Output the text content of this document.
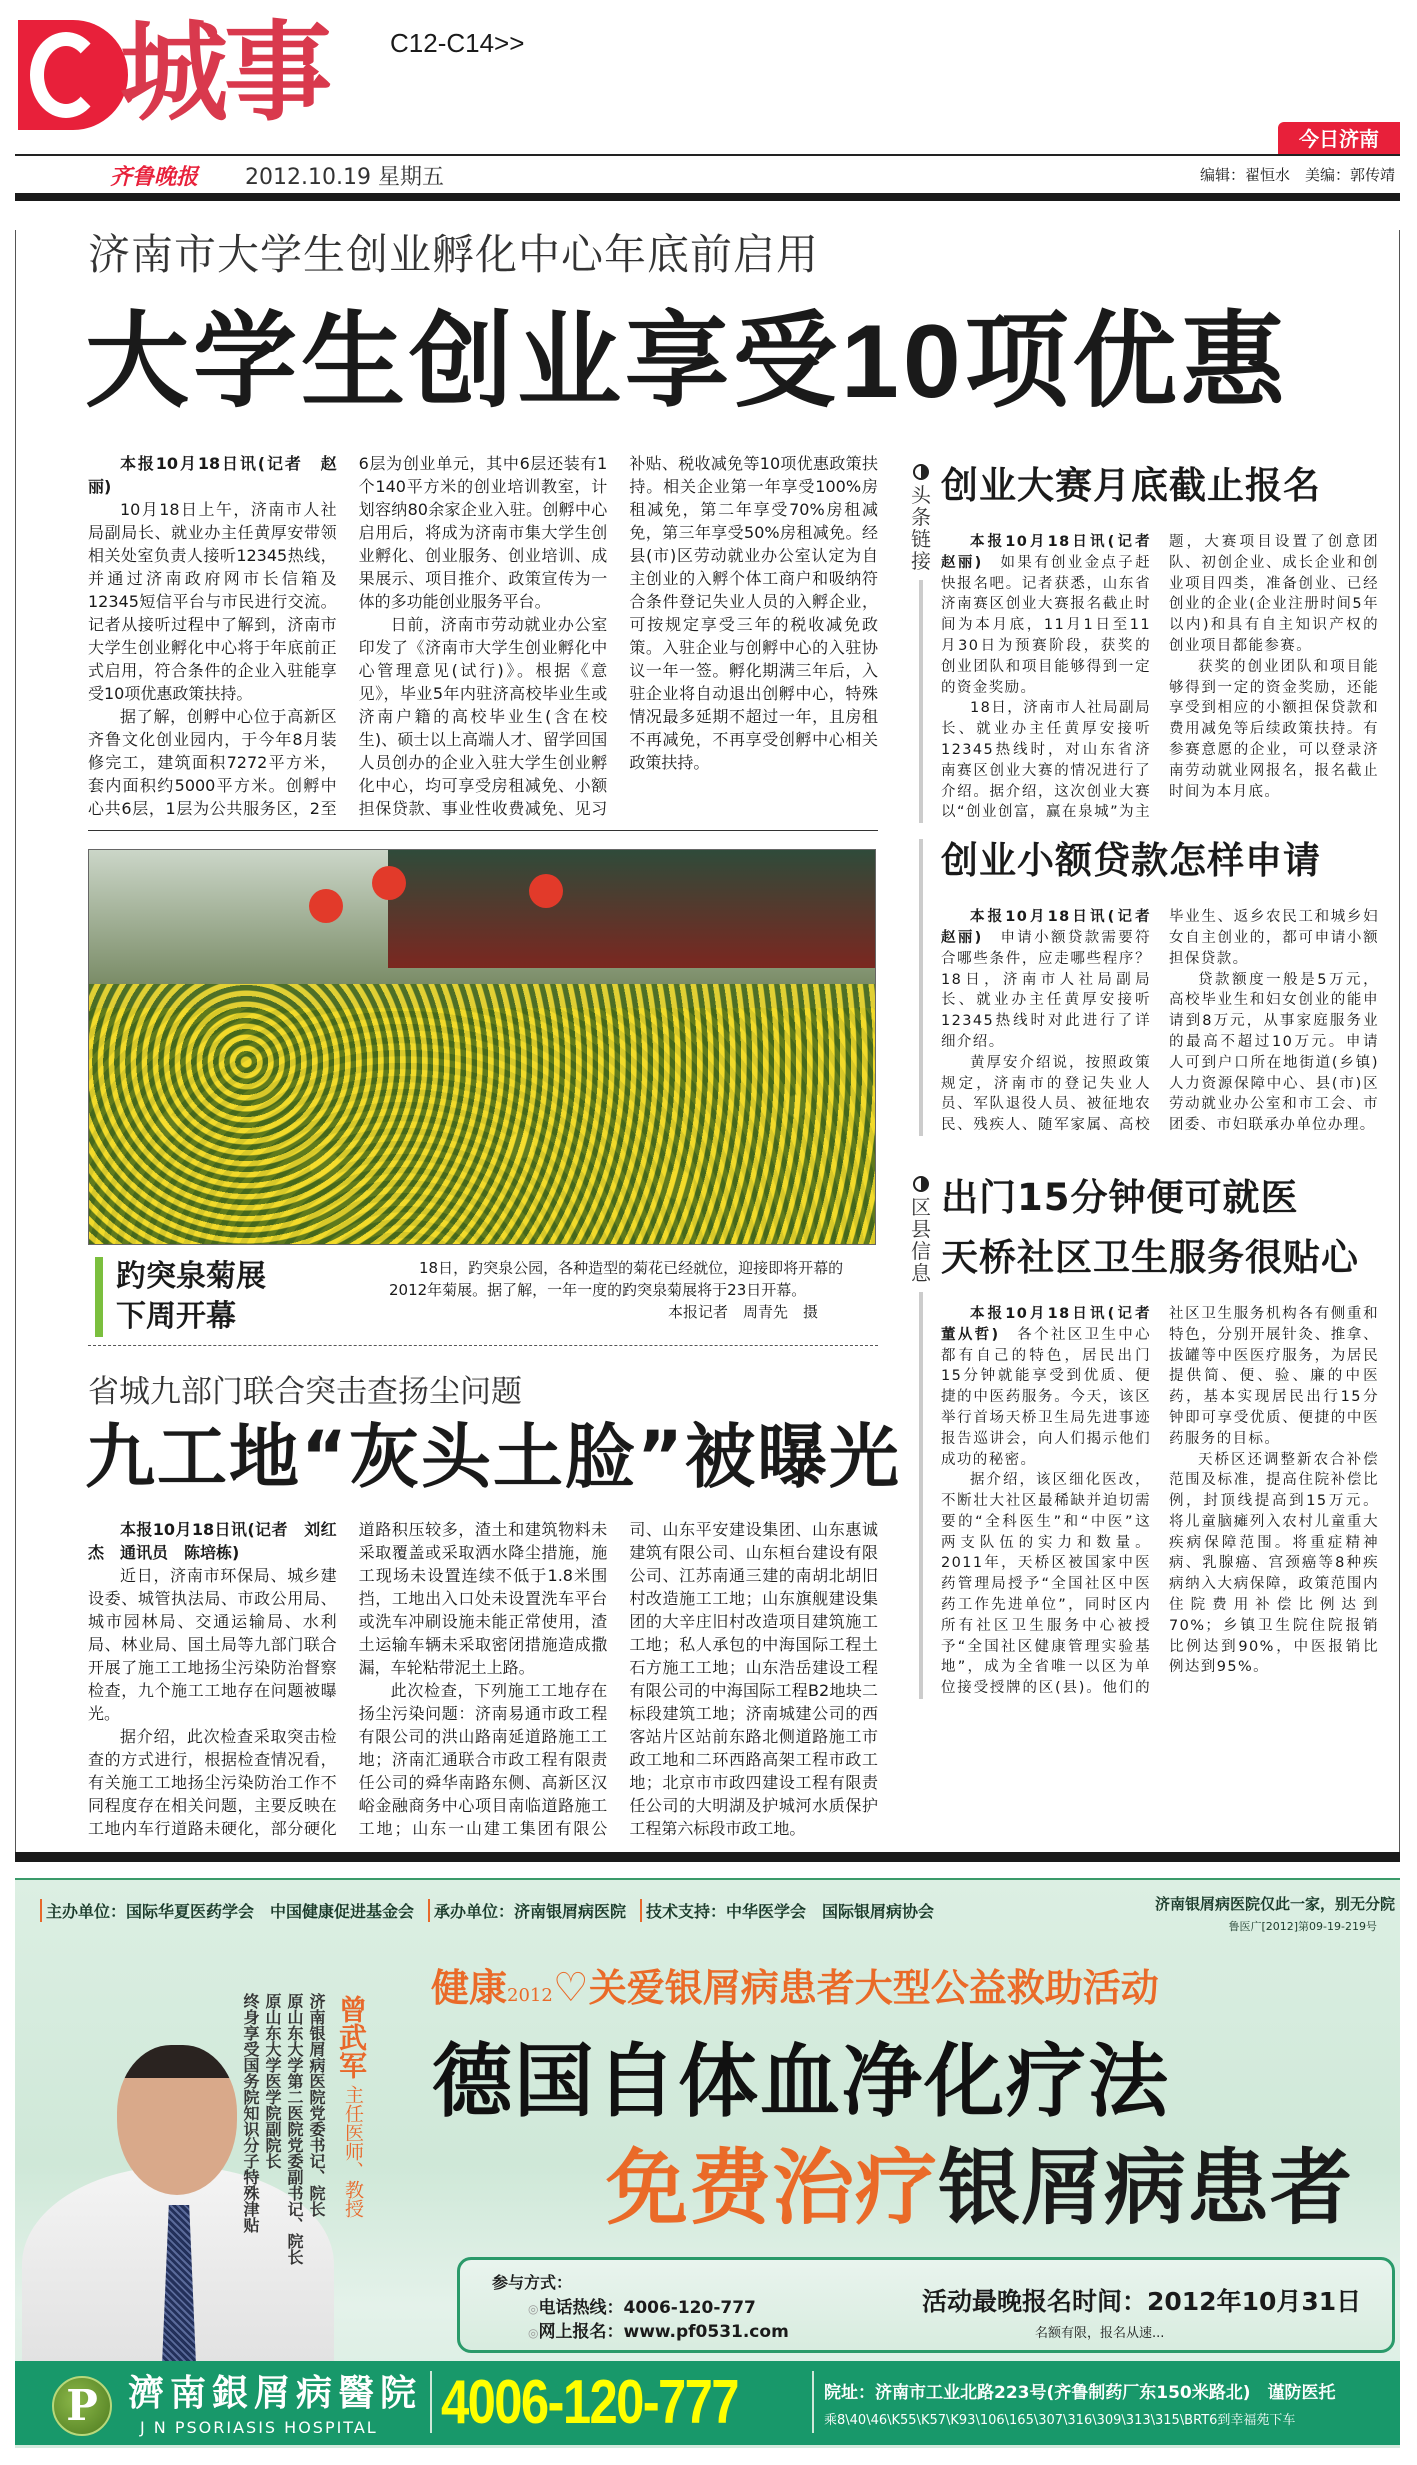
城事 C12-C14>>
今日济南
齐鲁晚报 2012.10.19 星期五	编辑：翟恒水　美编：郭传靖
济南市大学生创业孵化中心年底前启用
大学生创业享受10项优惠

本报10月18日讯(记者　赵丽)

10月18日上午，济南市人社局副局长、就业办主任黄厚安带领相关处室负责人接听12345热线，并通过济南政府网市长信箱及12345短信平台与市民进行交流。记者从接听过程中了解到，济南市大学生创业孵化中心将于年底前正式启用，符合条件的企业入驻能享受10项优惠政策扶持。

据了解，创孵中心位于高新区齐鲁文化创业园内，于今年8月装修完工，建筑面积7272平方米，套内面积约5000平方米。创孵中心共6层，1层为公共服务区，2至6层为创业单元，其中6层还装有1个140平方米的创业培训教室，计划容纳80余家企业入驻。创孵中心启用后，将成为济南市集大学生创业孵化、创业服务、创业培训、成果展示、项目推介、政策宣传为一体的多功能创业服务平台。

日前，济南市劳动就业办公室印发了《济南市大学生创业孵化中心管理意见(试行)》。根据《意见》，毕业5年内驻济高校毕业生或济南户籍的高校毕业生(含在校生)、硕士以上高端人才、留学回国人员创办的企业入驻大学生创业孵化中心，均可享受房租减免、小额担保贷款、事业性收费减免、见习补贴、税收减免等10项优惠政策扶持。相关企业第一年享受100%房租减免，第二年享受70%房租减免，第三年享受50%房租减免。经县(市)区劳动就业办公室认定为自主创业的入孵个体工商户和吸纳符合条件登记失业人员的入孵企业，可按规定享受三年的税收减免政策。入驻企业与创孵中心的入驻协议一年一签。孵化期满三年后，入驻企业将自动退出创孵中心，特殊情况最多延期不超过一年，且房租不再减免，不再享受创孵中心相关政策扶持。

趵突泉菊展
下周开幕
18日，趵突泉公园，各种造型的菊花已经就位，迎接即将开幕的2012年菊展。据了解，一年一度的趵突泉菊展将于23日开幕。
本报记者　周青先　摄
省城九部门联合突击查扬尘问题
九工地“灰头土脸”被曝光

本报10月18日讯(记者　刘红杰　通讯员　陈培栋)

近日，济南市环保局、城乡建设委、城管执法局、市政公用局、城市园林局、交通运输局、水利局、林业局、国土局等九部门联合开展了施工工地扬尘污染防治督察检查，九个施工工地存在问题被曝光。

据介绍，此次检查采取突击检查的方式进行，根据检查情况看，有关施工工地扬尘污染防治工作不同程度存在相关问题，主要反映在工地内车行道路未硬化，部分硬化道路积压较多，渣土和建筑物料未采取覆盖或采取洒水降尘措施，施工现场未设置连续不低于1.8米围挡，工地出入口处未设置洗车平台或洗车冲刷设施未能正常使用，渣土运输车辆未采取密闭措施造成撒漏，车轮粘带泥土上路。

此次检查，下列施工工地存在扬尘污染问题：济南易通市政工程有限公司的洪山路南延道路施工工地；济南汇通联合市政工程有限责任公司的舜华南路东侧、高新区汉峪金融商务中心项目南临道路施工工地；山东一山建工集团有限公司、山东平安建设集团、山东惠诚建筑有限公司、山东桓台建设有限公司、江苏南通三建的南胡北胡旧村改造施工工地；山东旗舰建设集团的大辛庄旧村改造项目建筑施工工地；私人承包的中海国际工程土石方施工工地；山东浩岳建设工程有限公司的中海国际工程B2地块二标段建筑工地；济南城建公司的西客站片区站前东路北侧道路施工市政工地和二环西路高架工程市政工地；北京市市政四建设工程有限责任公司的大明湖及护城河水质保护工程第六标段市政工地。

头条链接
创业大赛月底截止报名

本报10月18日讯(记者　赵丽)　 如果有创业金点子赶快报名吧。记者获悉，山东省济南赛区创业大赛报名截止时间为本月底，11月1日至11月30日为预赛阶段，获奖的创业团队和项目能够得到一定的资金奖励。

18日，济南市人社局副局长、就业办主任黄厚安接听12345热线时，对山东省济南赛区创业大赛的情况进行了介绍。据介绍，这次创业大赛以“创业创富，赢在泉城”为主题，大赛项目设置了创意团队、初创企业、成长企业和创业项目四类，准备创业、已经创业的企业(企业注册时间5年以内)和具有自主知识产权的创业项目都能参赛。

获奖的创业团队和项目能够得到一定的资金奖励，还能享受到相应的小额担保贷款和费用减免等后续政策扶持。有参赛意愿的企业，可以登录济南劳动就业网报名，报名截止时间为本月底。

创业小额贷款怎样申请

本报10月18日讯(记者　赵丽)　 申请小额贷款需要符合哪些条件，应走哪些程序？18日，济南市人社局副局长、就业办主任黄厚安接听12345热线时对此进行了详细介绍。

黄厚安介绍说，按照政策规定，济南市的登记失业人员、军队退役人员、被征地农民、残疾人、随军家属、高校毕业生、返乡农民工和城乡妇女自主创业的，都可申请小额担保贷款。

贷款额度一般是5万元，高校毕业生和妇女创业的能申请到8万元，从事家庭服务业的最高不超过10万元。申请人可到户口所在地街道(乡镇)人力资源保障中心、县(市)区劳动就业办公室和市工会、市团委、市妇联承办单位办理。

区县信息
出门15分钟便可就医
天桥社区卫生服务很贴心

本报10月18日讯(记者　董从哲)　 各个社区卫生中心都有自己的特色，居民出门15分钟就能享受到优质、便捷的中医药服务。今天，该区举行首场天桥卫生局先进事迹报告巡讲会，向人们揭示他们成功的秘密。

据介绍，该区细化医改，不断壮大社区最稀缺并迫切需要的“全科医生”和“中医”这两支队伍的实力和数量。2011年，天桥区被国家中医药管理局授予“全国社区中医药工作先进单位”，同时区内所有社区卫生服务中心被授予“全国社区健康管理实验基地”，成为全省唯一以区为单位接受授牌的区(县)。他们的社区卫生服务机构各有侧重和特色，分别开展针灸、推拿、拔罐等中医医疗服务，为居民提供简、便、验、廉的中医药，基本实现居民出行15分钟即可享受优质、便捷的中医药服务的目标。

天桥区还调整新农合补偿范围及标准，提高住院补偿比例，封顶线提高到15万元。将儿童脑瘫列入农村儿童重大疾病保障范围。将重症精神病、乳腺癌、宫颈癌等8种疾病纳入大病保障，政策范围内住院费用补偿比例达到70%；乡镇卫生院住院报销比例达到90%，中医报销比例达到95%。

主办单位：国际华夏医药学会　中国健康促进基金会	承办单位：济南银屑病医院	技术支持：中华医学会　国际银屑病协会	济南银屑病医院仅此一家，别无分院
鲁医广[2012]第09-19-219号
健康2012♡关爱银屑病患者大型公益救助活动
德国自体血净化疗法
免费治疗银屑病患者
济南银屑病医院党委书记、院长
原山东大学第二医院党委副书记、院长
原山东大学医学院副院长
终身享受国务院知识分子特殊津贴	曾武军
主任医师、教授
参与方式：
◎电话热线：4006-120-777
◎网上报名：www.pf0531.com
活动最晚报名时间：2012年10月31日
名额有限，报名从速...
P 濟南銀屑病醫院
J N PSORIASIS HOSPITAL 4006-120-777	院址：济南市工业北路223号(齐鲁制药厂东150米路北)　谨防医托
乘8\40\46\K55\K57\K93\106\165\307\316\309\313\315\BRT6到幸福苑下车
